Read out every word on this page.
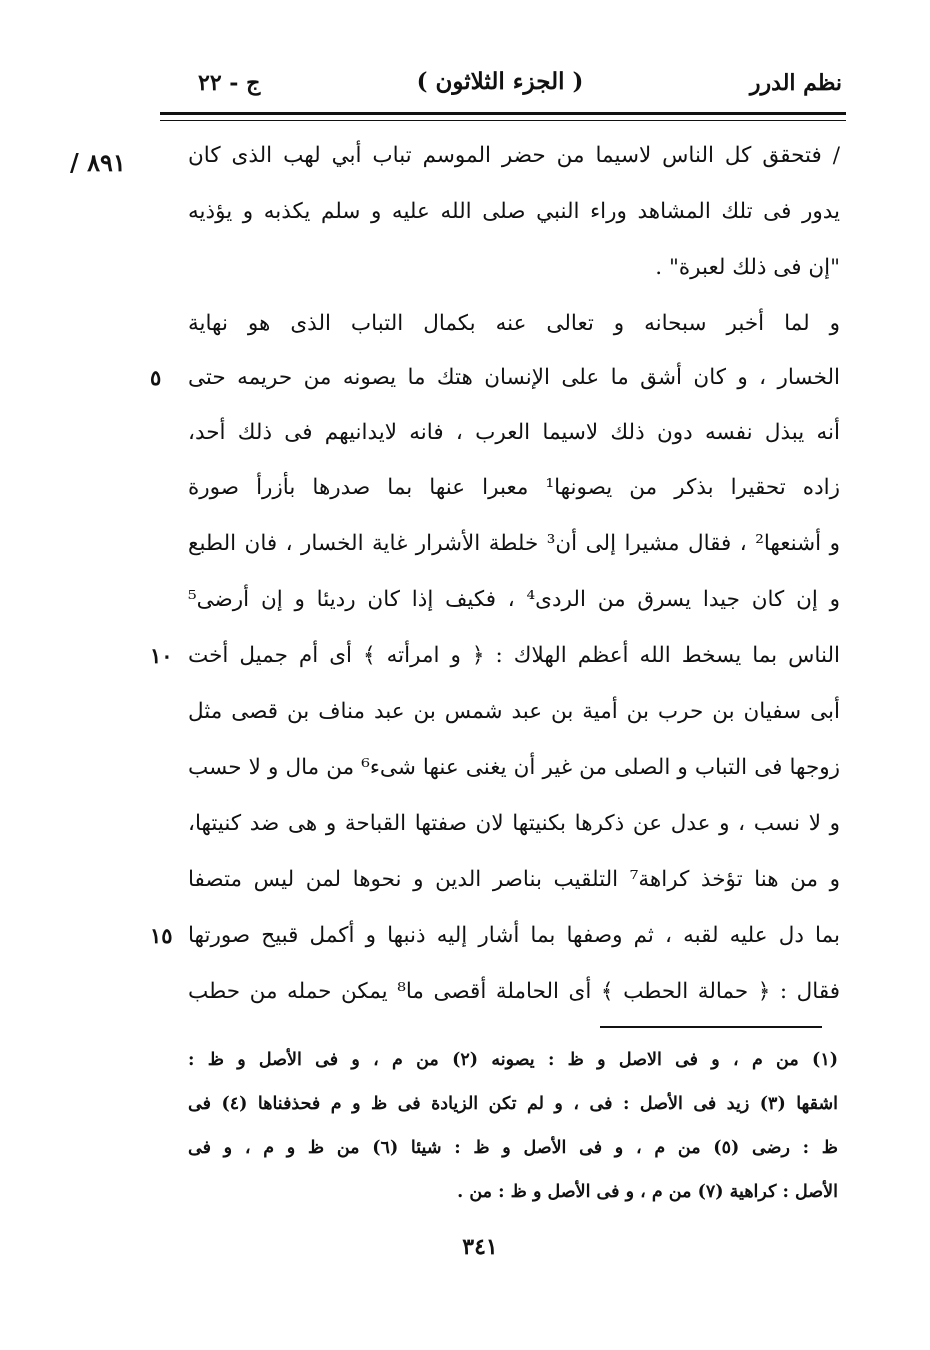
نظم الدرر
( الجزء الثلاثون )
ج - ٢٢
/ ٨٩١	/ فتحقق كل الناس لاسيما من حضر الموسم تباب أبي لهب الذى كان
يدور فى تلك المشاهد وراء النبي صلى الله عليه و سلم يكذبه و يؤذيه
"إن فى ذلك لعبرة" .
و لما أخبر سبحانه و تعالى عنه بكمال التباب الذى هو نهاية
الخسار ، و كان أشق ما على الإنسان هتك ما يصونه من حريمه حتى
أنه يبذل نفسه دون ذلك لاسيما العرب ، فانه لايدانيهم فى ذلك أحد،
زاده تحقيرا بذكر من يصونها¹ معبرا عنها بما صدرها بأزرأ صورة
و أشنعها² ، فقال مشيرا إلى أن³ خلطة الأشرار غاية الخسار ، فان الطبع
و إن كان جيدا يسرق من الردى⁴ ، فكيف إذا كان رديئا و إن أرضى⁵
الناس بما يسخط الله أعظم الهلاك : ﴿ و امرأته ﴾ أى أم جميل أخت
أبى سفيان بن حرب بن أمية بن عبد شمس بن عبد مناف بن قصى مثل
زوجها فى التباب و الصلى من غير أن يغنى عنها شىء⁶ من مال و لا حسب
و لا نسب ، و عدل عن ذكرها بكنيتها لان صفتها القباحة و هى ضد كنيتها،
و من هنا تؤخذ كراهة⁷ التلقيب بناصر الدين و نحوها لمن ليس متصفا
بما دل عليه لقبه ، ثم وصفها بما أشار إليه ذنبها و أكمل قبيح صورتها
فقال : ﴿ حمالة الحطب ﴾ أى الحاملة أقصى ما⁸ يمكن حمله من حطب
٥
١٠
١٥
(١) من م ، و فى الاصل و ظ : يصونه (٢) من م ، و فى الأصل و ظ :
اشقها (٣) زيد فى الأصل : فى ، و لم تكن الزيادة فى ظ و م فحذفناها (٤) فى
ظ : رضى (٥) من م ، و فى الأصل و ظ : شيئا (٦) من ظ و م ، و فى
الأصل : كراهية (٧) من م ، و فى الأصل و ظ : من .
٣٤١
